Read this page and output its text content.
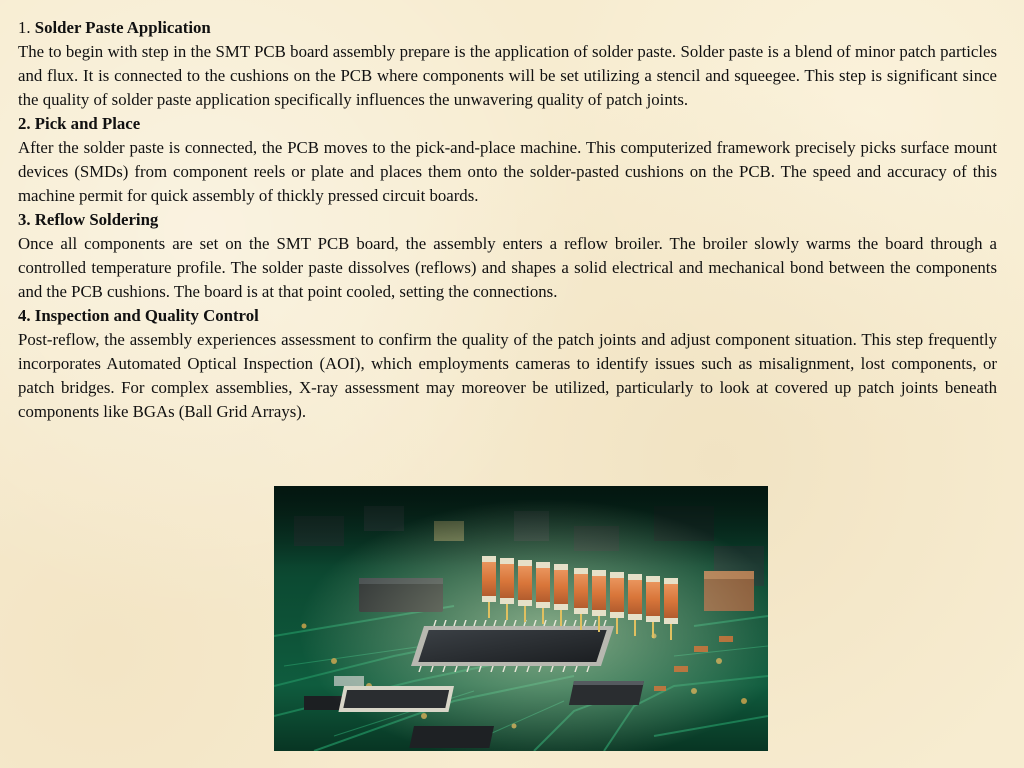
1. Solder Paste Application

The to begin with step in the SMT PCB board assembly prepare is the application of solder paste. Solder paste is a blend of minor patch particles and flux. It is connected to the cushions on the PCB where components will be set utilizing a stencil and squeegee. This step is significant since the quality of solder paste application specifically influences the unwavering quality of patch joints.

2. Pick and Place

After the solder paste is connected, the PCB moves to the pick-and-place machine. This computerized framework precisely picks surface mount devices (SMDs) from component reels or plate and places them onto the solder-pasted cushions on the PCB. The speed and accuracy of this machine permit for quick assembly of thickly pressed circuit boards.

3. Reflow Soldering

Once all components are set on the SMT PCB board, the assembly enters a reflow broiler. The broiler slowly warms the board through a controlled temperature profile. The solder paste dissolves (reflows) and shapes a solid electrical and mechanical bond between the components and the PCB cushions. The board is at that point cooled, setting the connections.

4. Inspection and Quality Control

Post-reflow, the assembly experiences assessment to confirm the quality of the patch joints and adjust component situation. This step frequently incorporates Automated Optical Inspection (AOI), which employments cameras to identify issues such as misalignment, lost components, or patch bridges. For complex assemblies, X-ray assessment may moreover be utilized, particularly to look at covered up patch joints beneath components like BGAs (Ball Grid Arrays).
